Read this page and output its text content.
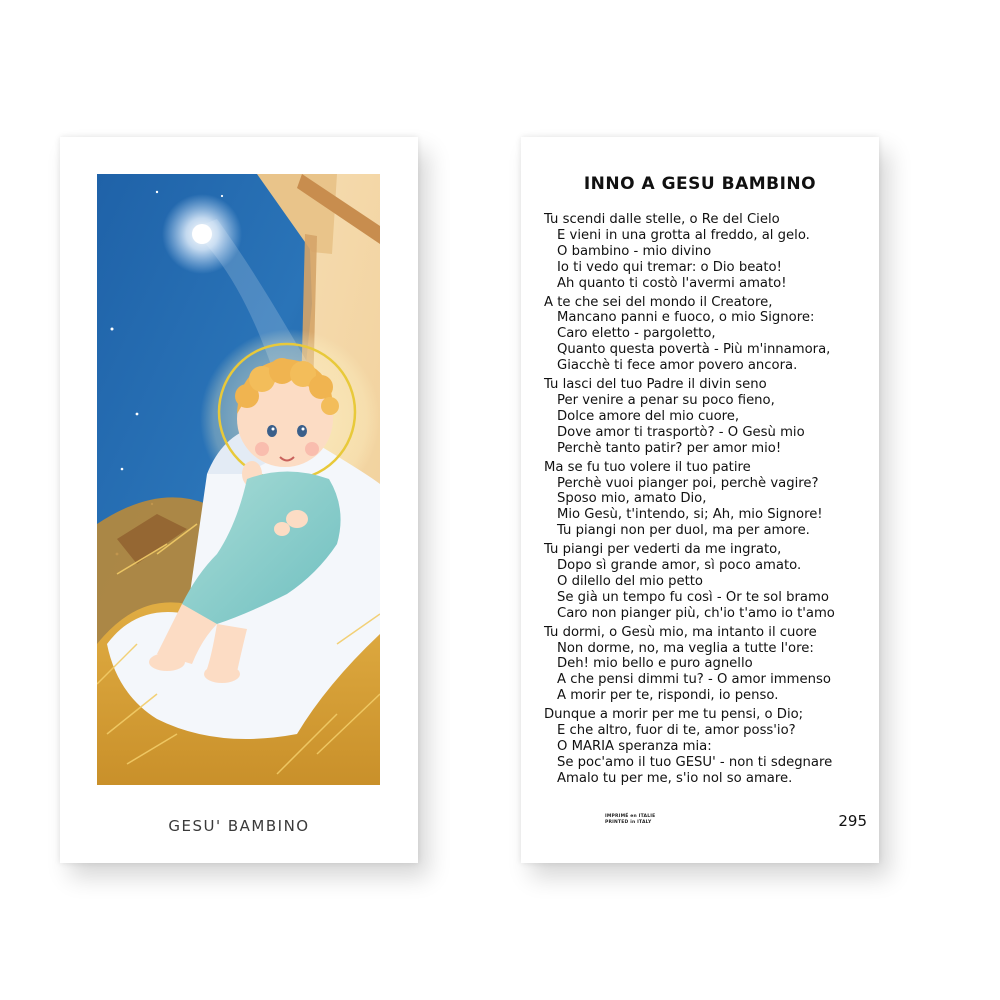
GESU' BAMBINO
INNO A GESU BAMBINO
Tu scendi dalle stelle, o Re del Cielo
E vieni in una grotta al freddo, al gelo.
O bambino - mio divino
Io ti vedo qui tremar: o Dio beato!
Ah quanto ti costò l'avermi amato!
A te che sei del mondo il Creatore,
Mancano panni e fuoco, o mio Signore:
Caro eletto - pargoletto,
Quanto questa povertà - Più m'innamora,
Giacchè ti fece amor povero ancora.
Tu lasci del tuo Padre il divin seno
Per venire a penar su poco fieno,
Dolce amore del mio cuore,
Dove amor ti trasportò? - O Gesù mio
Perchè tanto patir? per amor mio!
Ma se fu tuo volere il tuo patire
Perchè vuoi pianger poi, perchè vagire?
Sposo mio, amato Dio,
Mio Gesù, t'intendo, si; Ah, mio Signore!
Tu piangi non per duol, ma per amore.
Tu piangi per vederti da me ingrato,
Dopo sì grande amor, sì poco amato.
O dilello del mio petto
Se già un tempo fu così - Or te sol bramo
Caro non pianger più, ch'io t'amo io t'amo
Tu dormi, o Gesù mio, ma intanto il cuore
Non dorme, no, ma veglia a tutte l'ore:
Deh! mio bello e puro agnello
A che pensi dimmi tu? - O amor immenso
A morir per te, rispondi, io penso.
Dunque a morir per me tu pensi, o Dio;
E che altro, fuor di te, amor poss'io?
O MARIA speranza mia:
Se poc'amo il tuo GESU' - non ti sdegnare
Amalo tu per me, s'io nol so amare.
IMPRIMÉ en ITALIE
PRINTED in ITALY	295
